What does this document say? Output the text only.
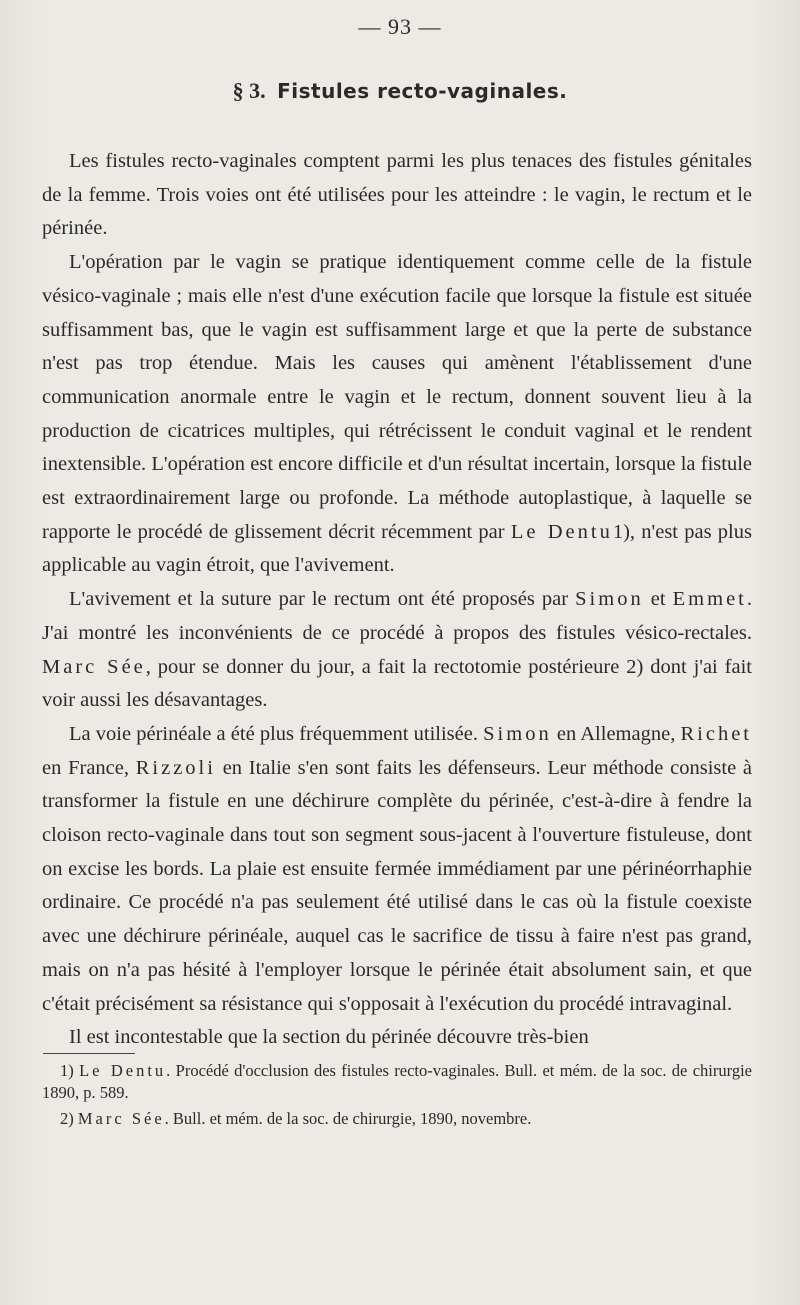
— 93 —
§ 3. Fistules recto-vaginales.

Les fistules recto-vaginales comptent parmi les plus tenaces des fistules génitales de la femme. Trois voies ont été utilisées pour les atteindre : le vagin, le rectum et le périnée.

L'opération par le vagin se pratique identiquement comme celle de la fistule vésico-vaginale ; mais elle n'est d'une exécution facile que lorsque la fistule est située suffisamment bas, que le vagin est suffisamment large et que la perte de substance n'est pas trop étendue. Mais les causes qui amènent l'établissement d'une communication anormale entre le vagin et le rectum, donnent souvent lieu à la production de cicatrices multiples, qui rétrécissent le conduit vaginal et le rendent inextensible. L'opération est encore difficile et d'un résultat incertain, lorsque la fistule est extraordinairement large ou profonde. La méthode autoplastique, à laquelle se rapporte le procédé de glissement décrit récemment par Le Dentu1), n'est pas plus applicable au vagin étroit, que l'avivement.

L'avivement et la suture par le rectum ont été proposés par Simon et Emmet. J'ai montré les inconvénients de ce procédé à propos des fistules vésico-rectales. Marc Sée, pour se donner du jour, a fait la rectotomie postérieure 2) dont j'ai fait voir aussi les désavantages.

La voie périnéale a été plus fréquemment utilisée. Simon en Allemagne, Richet en France, Rizzoli en Italie s'en sont faits les défenseurs. Leur méthode consiste à transformer la fistule en une déchirure complète du périnée, c'est-à-dire à fendre la cloison recto-vaginale dans tout son segment sous-jacent à l'ouverture fistuleuse, dont on excise les bords. La plaie est ensuite fermée immédiament par une périnéorrhaphie ordinaire. Ce procédé n'a pas seulement été utilisé dans le cas où la fistule coexiste avec une déchirure périnéale, auquel cas le sacrifice de tissu à faire n'est pas grand, mais on n'a pas hésité à l'employer lorsque le périnée était absolument sain, et que c'était précisément sa résistance qui s'opposait à l'exécution du procédé intravaginal.

Il est incontestable que la section du périnée découvre très-bien

1) Le Dentu. Procédé d'occlusion des fistules recto-vaginales. Bull. et mém. de la soc. de chirurgie 1890, p. 589.

2) Marc Sée. Bull. et mém. de la soc. de chirurgie, 1890, novembre.
